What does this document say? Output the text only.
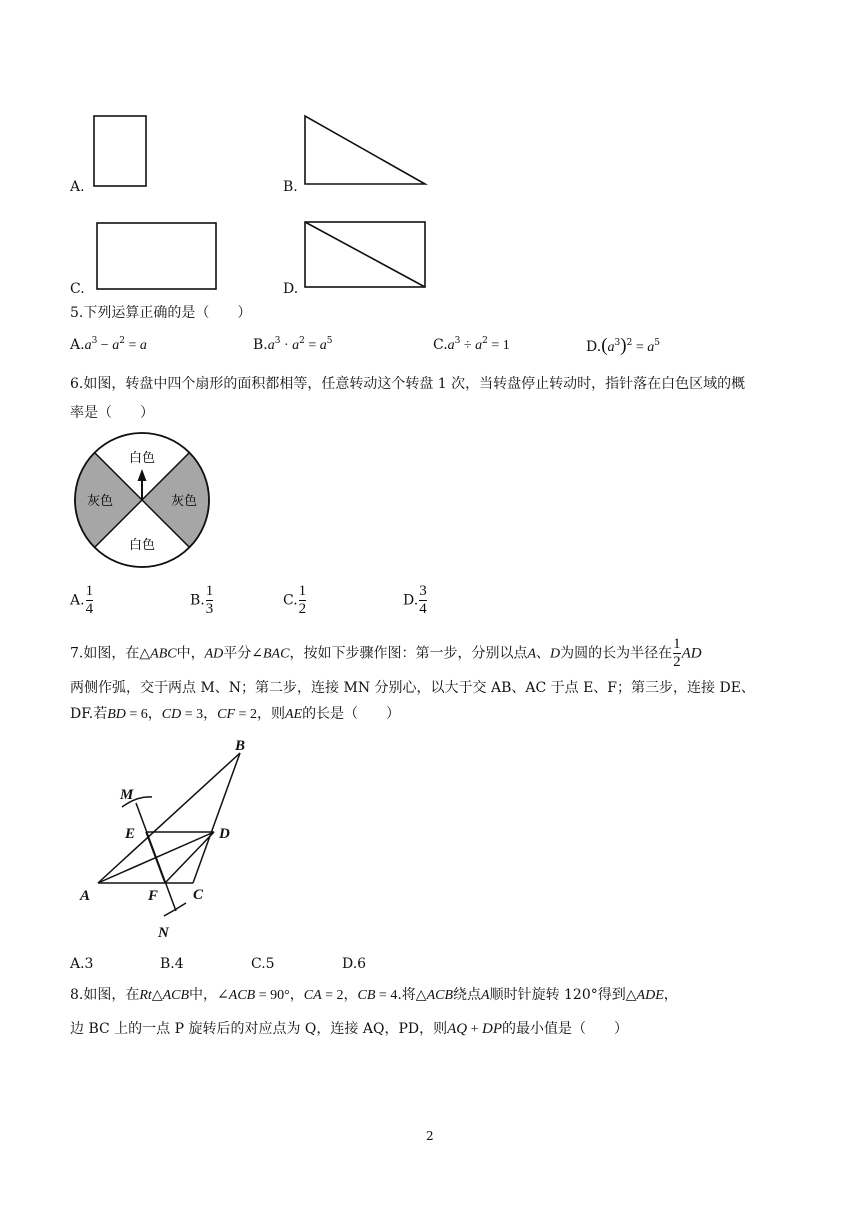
A.	B.
C.	D.
5.下列运算正确的是（　　）
$A.a^3 - a^2 = a$	$B.a^3 \cdot a^2 = a^5$	$C.a^3 \div a^2 = 1$	$D.(a^3)^2 = a^5$
6.如图，转盘中四个扇形的面积都相等，任意转动这个转盘 1 次，当转盘停止转动时，指针落在白色区域的概
率是（　　）
白色
白色
灰色	灰色
A. $\frac{1}{4}$	B. $\frac{1}{3}$	C. $\frac{1}{2}$	D. $\frac{3}{4}$
7.如图，在△ABC中，AD平分∠BAC，按如下步骤作图：第一步，分别以点A、D为圆的长为半径在 $\frac{1}{2}$ AD
两侧作弧，交于两点 M、N；第二步，连接 MN 分别心，以大于交 AB、AC 于点 E、F；第三步，连接 DE、
DF.若BD = 6，CD = 3，CF = 2，则AE的长是（　　）
B
M
E	D
A	F C
N
A.3	B.4	C.5	D.6
8.如图，在Rt△ACB中，∠ACB = 90°，CA = 2，CB = 4.将△ACB绕点A顺时针旋转 120°得到△ADE，
边 BC 上的一点 P 旋转后的对应点为 Q，连接 AQ，PD，则AQ + DP的最小值是（　　）
2
